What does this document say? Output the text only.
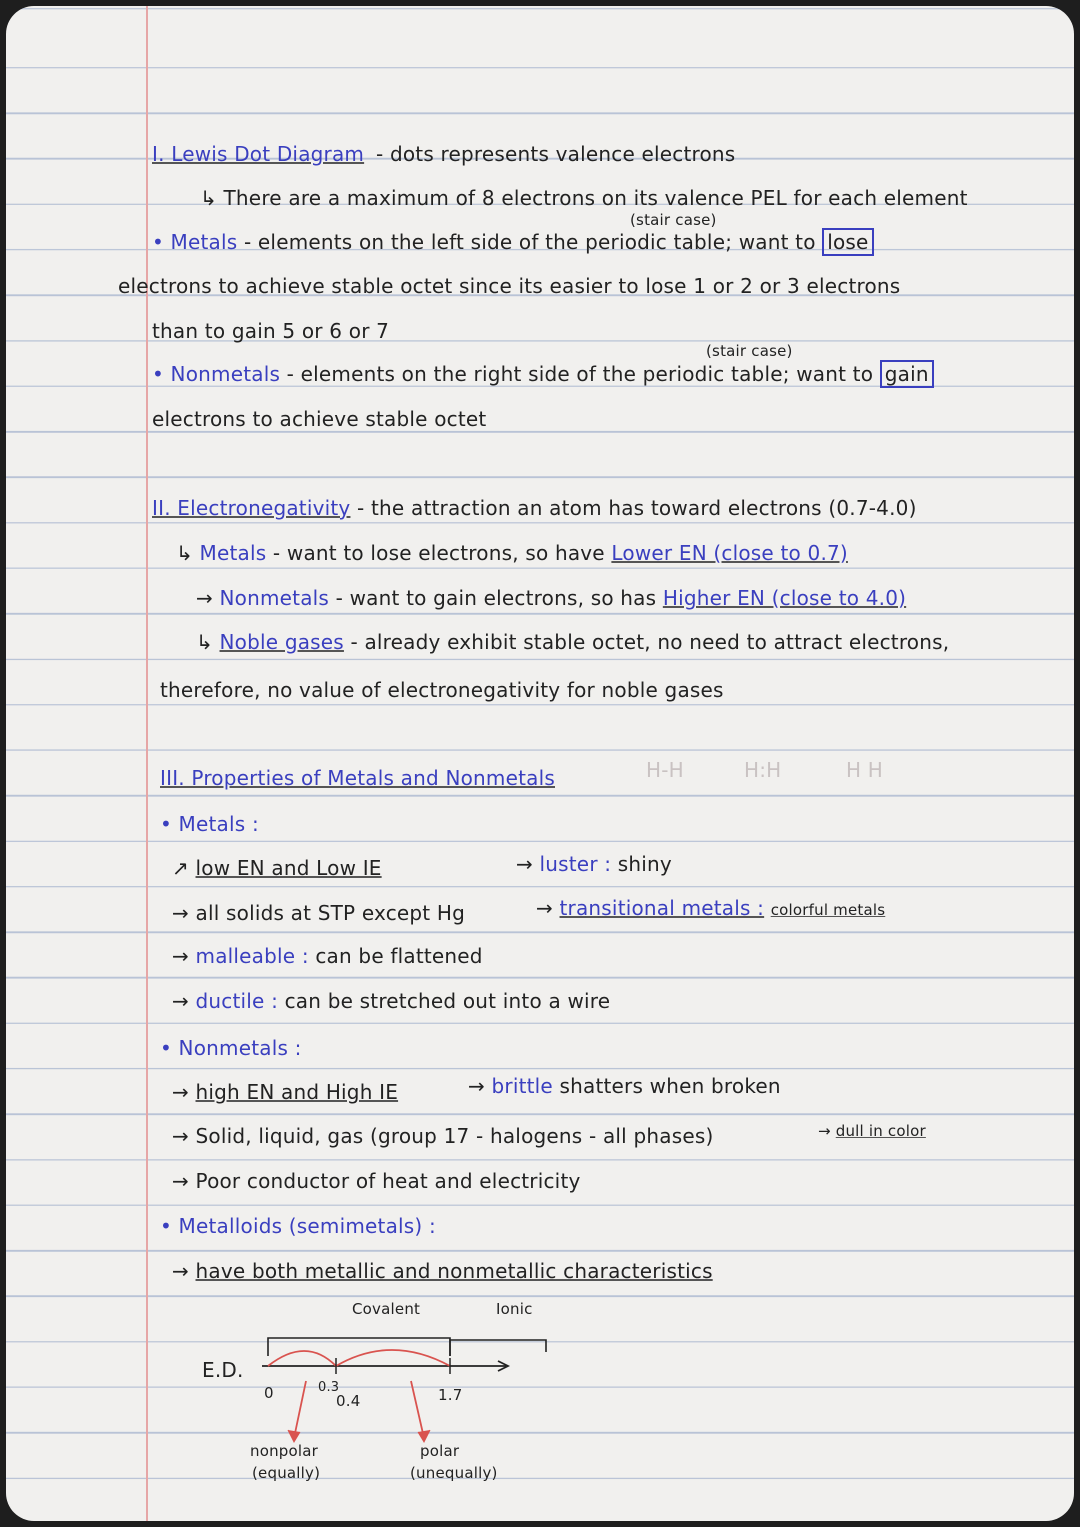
H-H	H:H	H H
I. Lewis Dot Diagram - dots represents valence electrons
↳ There are a maximum of 8 electrons on its valence PEL for each element
(stair case)
• Metals - elements on the left side of the periodic table; want to lose
electrons to achieve stable octet since its easier to lose 1 or 2 or 3 electrons
than to gain 5 or 6 or 7
(stair case)
• Nonmetals - elements on the right side of the periodic table; want to gain
electrons to achieve stable octet
II. Electronegativity - the attraction an atom has toward electrons (0.7-4.0)
↳ Metals - want to lose electrons, so have Lower EN (close to 0.7)
→ Nonmetals - want to gain electrons, so has Higher EN (close to 4.0)
↳ Noble gases - already exhibit stable octet, no need to attract electrons,
therefore, no value of electronegativity for noble gases
III. Properties of Metals and Nonmetals
• Metals :
↗ low EN and Low IE	→ luster : shiny
→ all solids at STP except Hg	→ transitional metals : colorful metals
→ malleable : can be flattened
→ ductile : can be stretched out into a wire
• Nonmetals :
→ high EN and High IE	→ brittle shatters when broken
→ Solid, liquid, gas (group 17 - halogens - all phases)	→ dull in color
→ Poor conductor of heat and electricity
• Metalloids (semimetals) :
→ have both metallic and nonmetallic characteristics
Covalent	Ionic
E.D.
0	0.3
0.4	1.7
nonpolar
(equally)
polar
(unequally)
